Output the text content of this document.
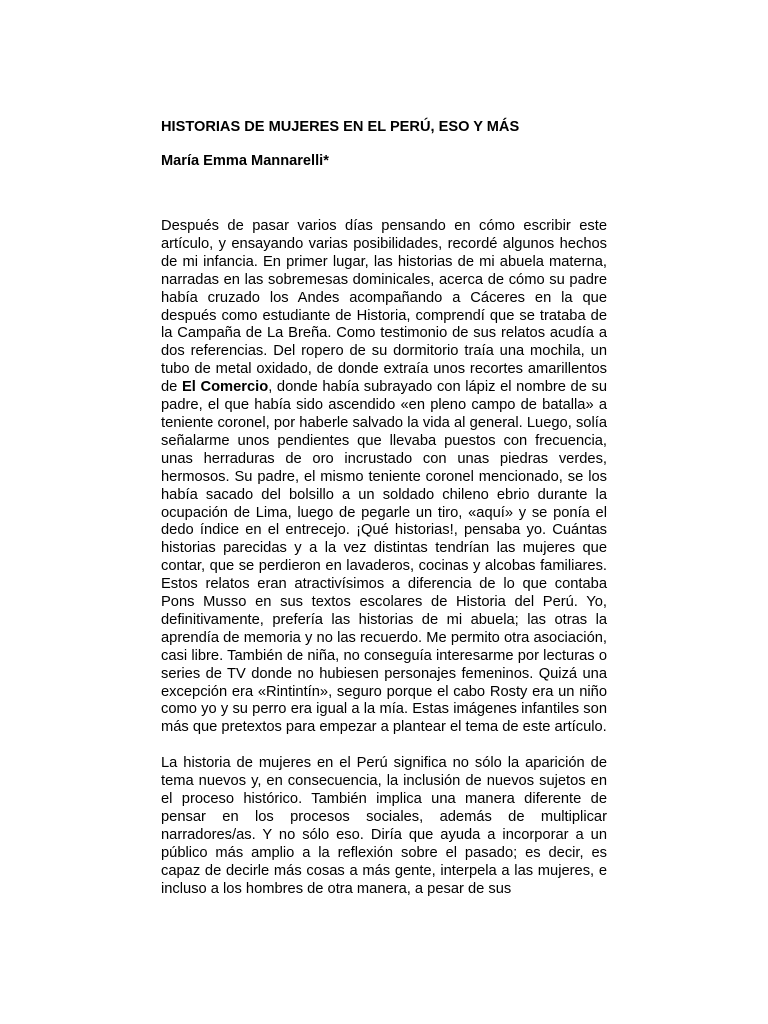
HISTORIAS DE MUJERES EN EL PERÚ, ESO Y MÁS
María Emma Mannarelli*

Después de pasar varios días pensando en cómo escribir este artículo, y ensayando varias posibilidades, recordé algunos hechos de mi infancia. En primer lugar, las historias de mi abuela materna, narradas en las sobremesas dominicales, acerca de cómo su padre había cruzado los Andes acompañando a Cáceres en la que después como estudiante de Historia, comprendí que se trataba de la Campaña de La Breña. Como testimonio de sus relatos acudía a dos referencias. Del ropero de su dormitorio traía una mochila, un tubo de metal oxidado, de donde extraía unos recortes amarillentos de El Comercio, donde había subrayado con lápiz el nombre de su padre, el que había sido ascendido «en pleno campo de batalla» a teniente coronel, por haberle salvado la vida al general. Luego, solía señalarme unos pendientes que llevaba puestos con frecuencia, unas herraduras de oro incrustado con unas piedras verdes, hermosos. Su padre, el mismo teniente coronel mencionado, se los había sacado del bolsillo a un soldado chileno ebrio durante la ocupación de Lima, luego de pegarle un tiro, «aquí» y se ponía el dedo índice en el entrecejo. ¡Qué historias!, pensaba yo. Cuántas historias parecidas y a la vez distintas tendrían las mujeres que contar, que se perdieron en lavaderos, cocinas y alcobas familiares. Estos relatos eran atractivísimos a diferencia de lo que contaba Pons Musso en sus textos escolares de Historia del Perú. Yo, definitivamente, prefería las historias de mi abuela; las otras la aprendía de memoria y no las recuerdo. Me permito otra asociación, casi libre. También de niña, no conseguía interesarme por lecturas o series de TV donde no hubiesen personajes femeninos. Quizá una excepción era «Rintintín», seguro porque el cabo Rosty era un niño como yo y su perro era igual a la mía. Estas imágenes infantiles son más que pretextos para empezar a plantear el tema de este artículo.

La historia de mujeres en el Perú significa no sólo la aparición de tema nuevos y, en consecuencia, la inclusión de nuevos sujetos en el proceso histórico. También implica una manera diferente de pensar en los procesos sociales, además de multiplicar narradores/as. Y no sólo eso. Diría que ayuda a incorporar a un público más amplio a la reflexión sobre el pasado; es decir, es capaz de decirle más cosas a más gente, interpela a las mujeres, e incluso a los hombres de otra manera, a pesar de sus
